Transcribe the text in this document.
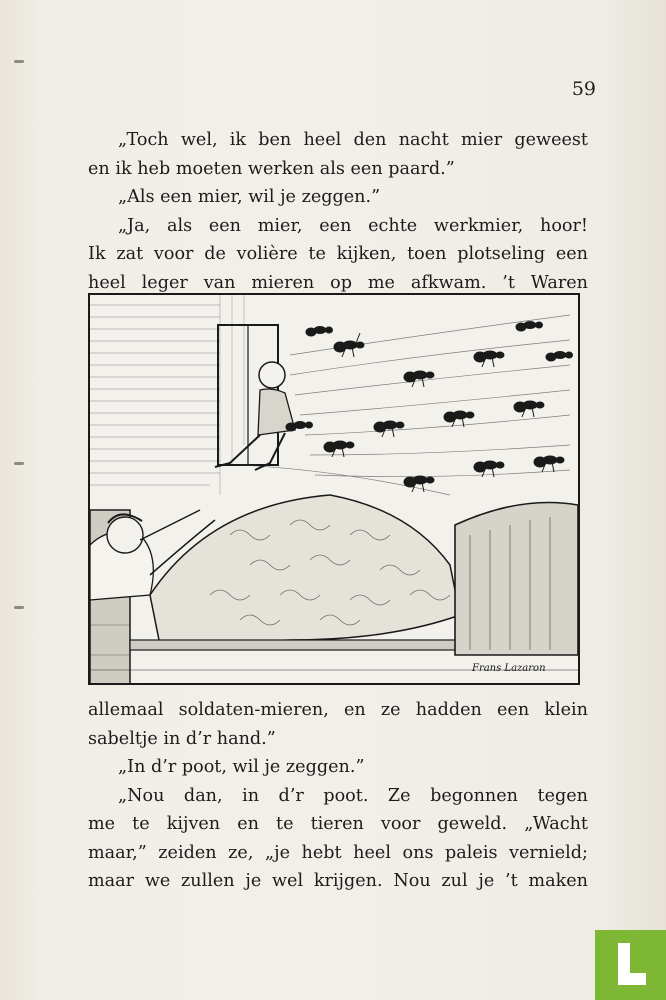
59
„Toch wel, ik ben heel den nacht mier geweest
en ik heb moeten werken als een paard.”
„Als een mier, wil je zeggen.”
„Ja, als een mier, een echte werkmier, hoor!
Ik zat voor de volière te kijken, toen plotseling een
heel leger van mieren op me afkwam. ’t Waren
Frans Lazaron
allemaal soldaten-mieren, en ze hadden een klein
sabeltje in d’r hand.”
„In d’r poot, wil je zeggen.”
„Nou dan, in d’r poot. Ze begonnen tegen
me te kijven en te tieren voor geweld. „Wacht
maar,” zeiden ze, „je hebt heel ons paleis vernield;
maar we zullen je wel krijgen. Nou zul je ’t maken
